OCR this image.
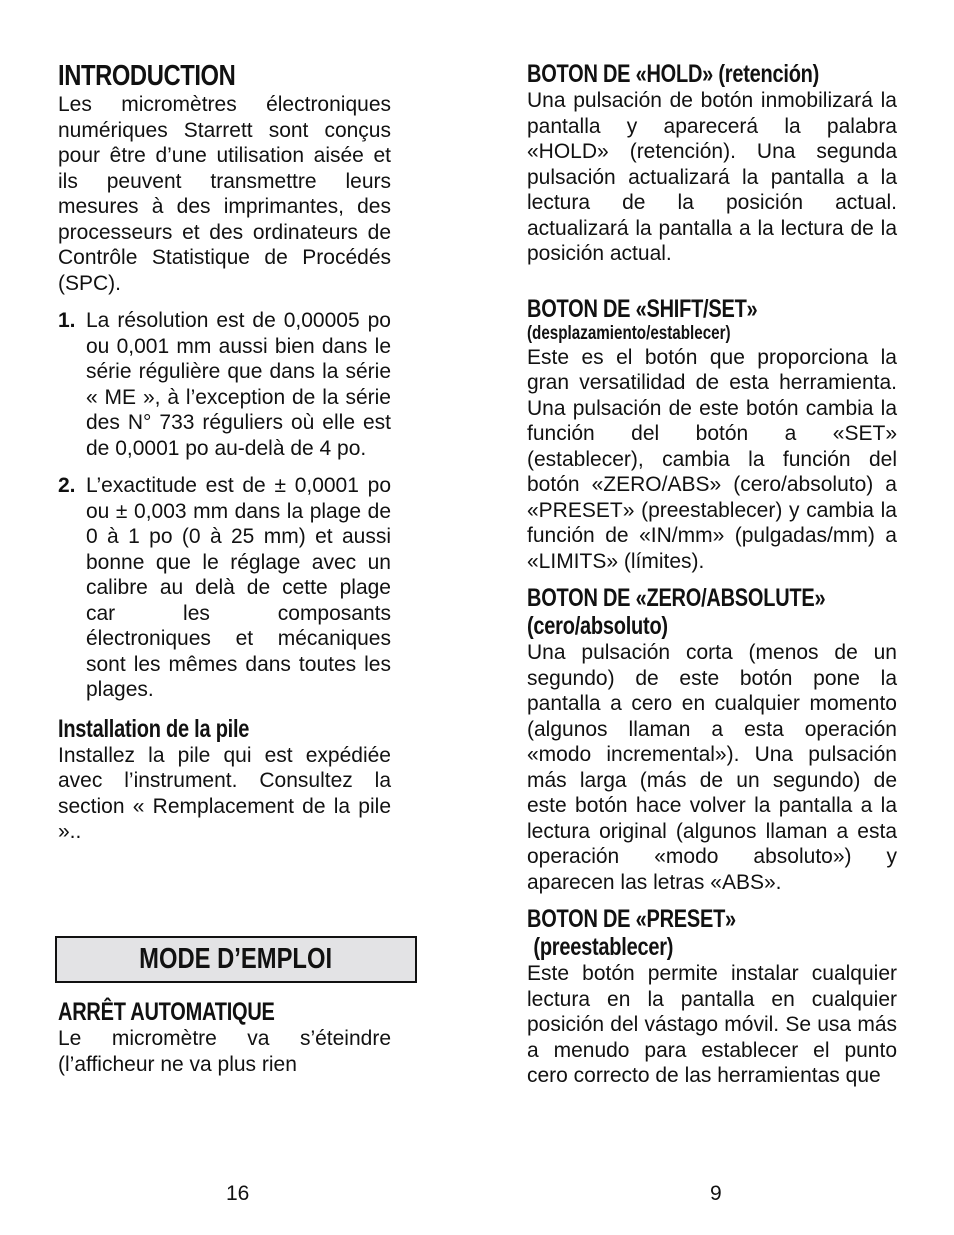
INTRODUCTION

Les micromètres électroniques numériques Starrett sont conçus pour être d’une utilisation aisée et ils peuvent transmettre leurs mesures à des imprimantes, des processeurs et des ordinateurs de Contrôle Statistique de Procédés (SPC).

1. La résolution est de 0,00005 po ou 0,001 mm aussi bien dans le série régulière que dans la série « ME », à l’exception de la série des N° 733 réguliers où elle est de 0,0001 po au-delà de 4 po.
2. L’exactitude est de ± 0,0001 po ou ± 0,003 mm dans la plage de 0 à 1 po (0 à 25 mm) et aussi bonne que le réglage avec un calibre au delà de cette plage car les composants électroniques et mécaniques sont les mêmes dans toutes les plages.
Installation de la pile

Installez la pile qui est expédiée avec l’instrument. Consultez la section « Remplacement de la pile »..

MODE D’EMPLOI
ARRÊT AUTOMATIQUE

Le micromètre va s’éteindre (l’afficheur ne va plus rien

BOTON DE «HOLD» (retención)

Una pulsación de botón inmobilizará la pantalla y aparecerá la palabra «HOLD» (retención). Una segunda pulsación actualizará la pantalla a la lectura de la posición actual. actualizará la pantalla a la lectura de la posición actual.

BOTON DE «SHIFT/SET»
(desplazamiento/establecer)

Este es el botón que proporciona la gran versatilidad de esta herramienta. Una pulsación de este botón cambia la función del botón a «SET» (establecer), cambia la función del botón «ZERO/ABS» (cero/absoluto) a «PRESET» (preestablecer) y cambia la función de «IN/mm» (pulgadas/mm) a «LIMITS» (límites).

BOTON DE «ZERO/ABSOLUTE»
(cero/absoluto)

Una pulsación corta (menos de un segundo) de este botón pone la pantalla a cero en cualquier momento (algunos llaman a esta operación «modo incremental»). Una pulsación más larga (más de un segundo) de este botón hace volver la pantalla a la lectura original (algunos llaman a esta operación «modo absoluto») y aparecen las letras «ABS».

BOTON DE «PRESET»
(preestablecer)

Este botón permite instalar cualquier lectura en la pantalla en cualquier posición del vástago móvil. Se usa más a menudo para establecer el punto cero correcto de las herramientas que

16	9
